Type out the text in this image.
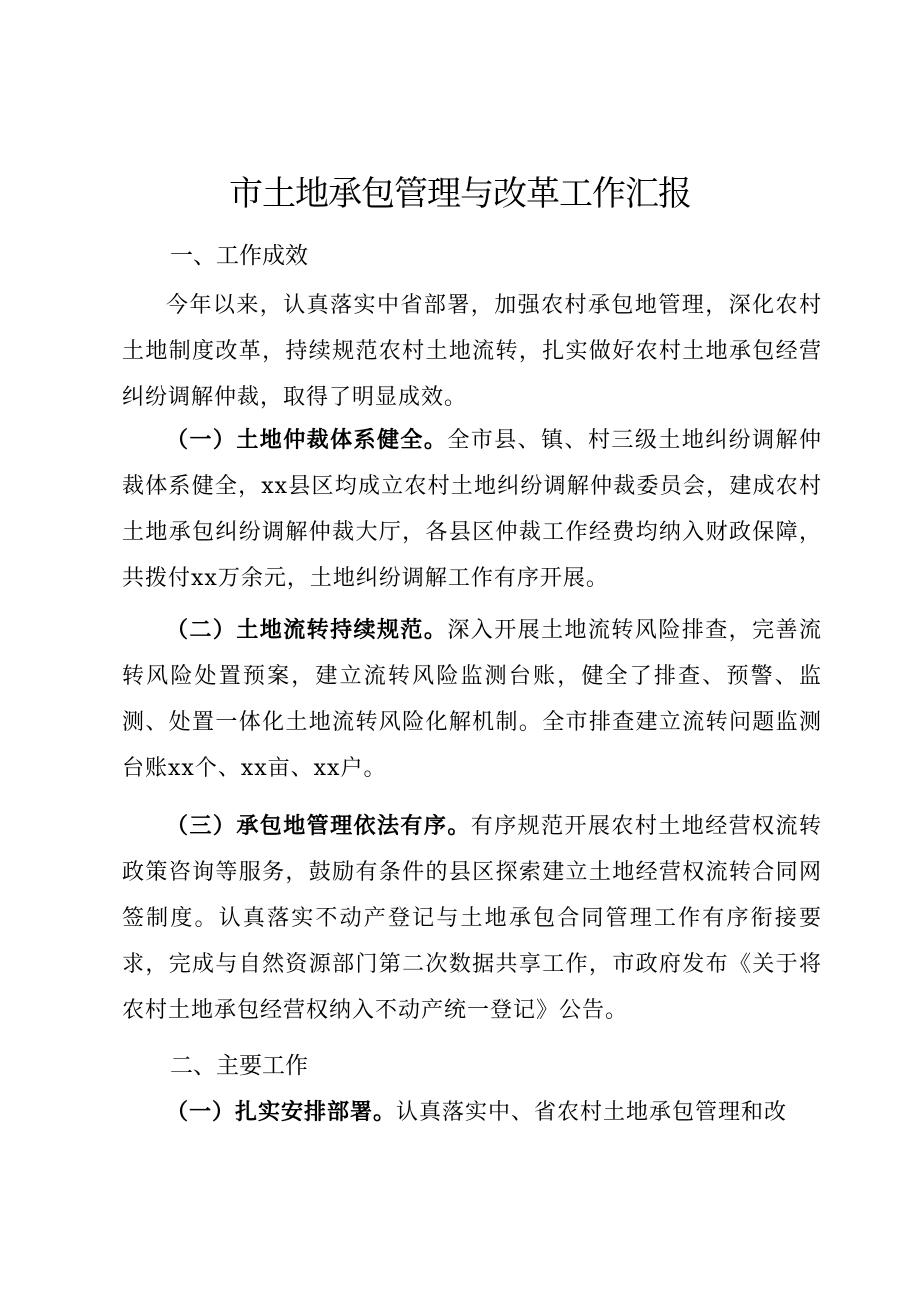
市土地承包管理与改革工作汇报
一、工作成效

今年以来，认真落实中省部署，加强农村承包地管理，深化农村土地制度改革，持续规范农村土地流转，扎实做好农村土地承包经营纠纷调解仲裁，取得了明显成效。

（一）土地仲裁体系健全。全市县、镇、村三级土地纠纷调解仲裁体系健全，xx县区均成立农村土地纠纷调解仲裁委员会，建成农村土地承包纠纷调解仲裁大厅，各县区仲裁工作经费均纳入财政保障，共拨付xx万余元，土地纠纷调解工作有序开展。

（二）土地流转持续规范。深入开展土地流转风险排查，完善流转风险处置预案，建立流转风险监测台账，健全了排查、预警、监测、处置一体化土地流转风险化解机制。全市排查建立流转问题监测台账xx个、xx亩、xx户。

（三）承包地管理依法有序。有序规范开展农村土地经营权流转政策咨询等服务，鼓励有条件的县区探索建立土地经营权流转合同网签制度。认真落实不动产登记与土地承包合同管理工作有序衔接要求，完成与自然资源部门第二次数据共享工作，市政府发布《关于将农村土地承包经营权纳入不动产统一登记》公告。

二、主要工作

（一）扎实安排部署。认真落实中、省农村土地承包管理和改
